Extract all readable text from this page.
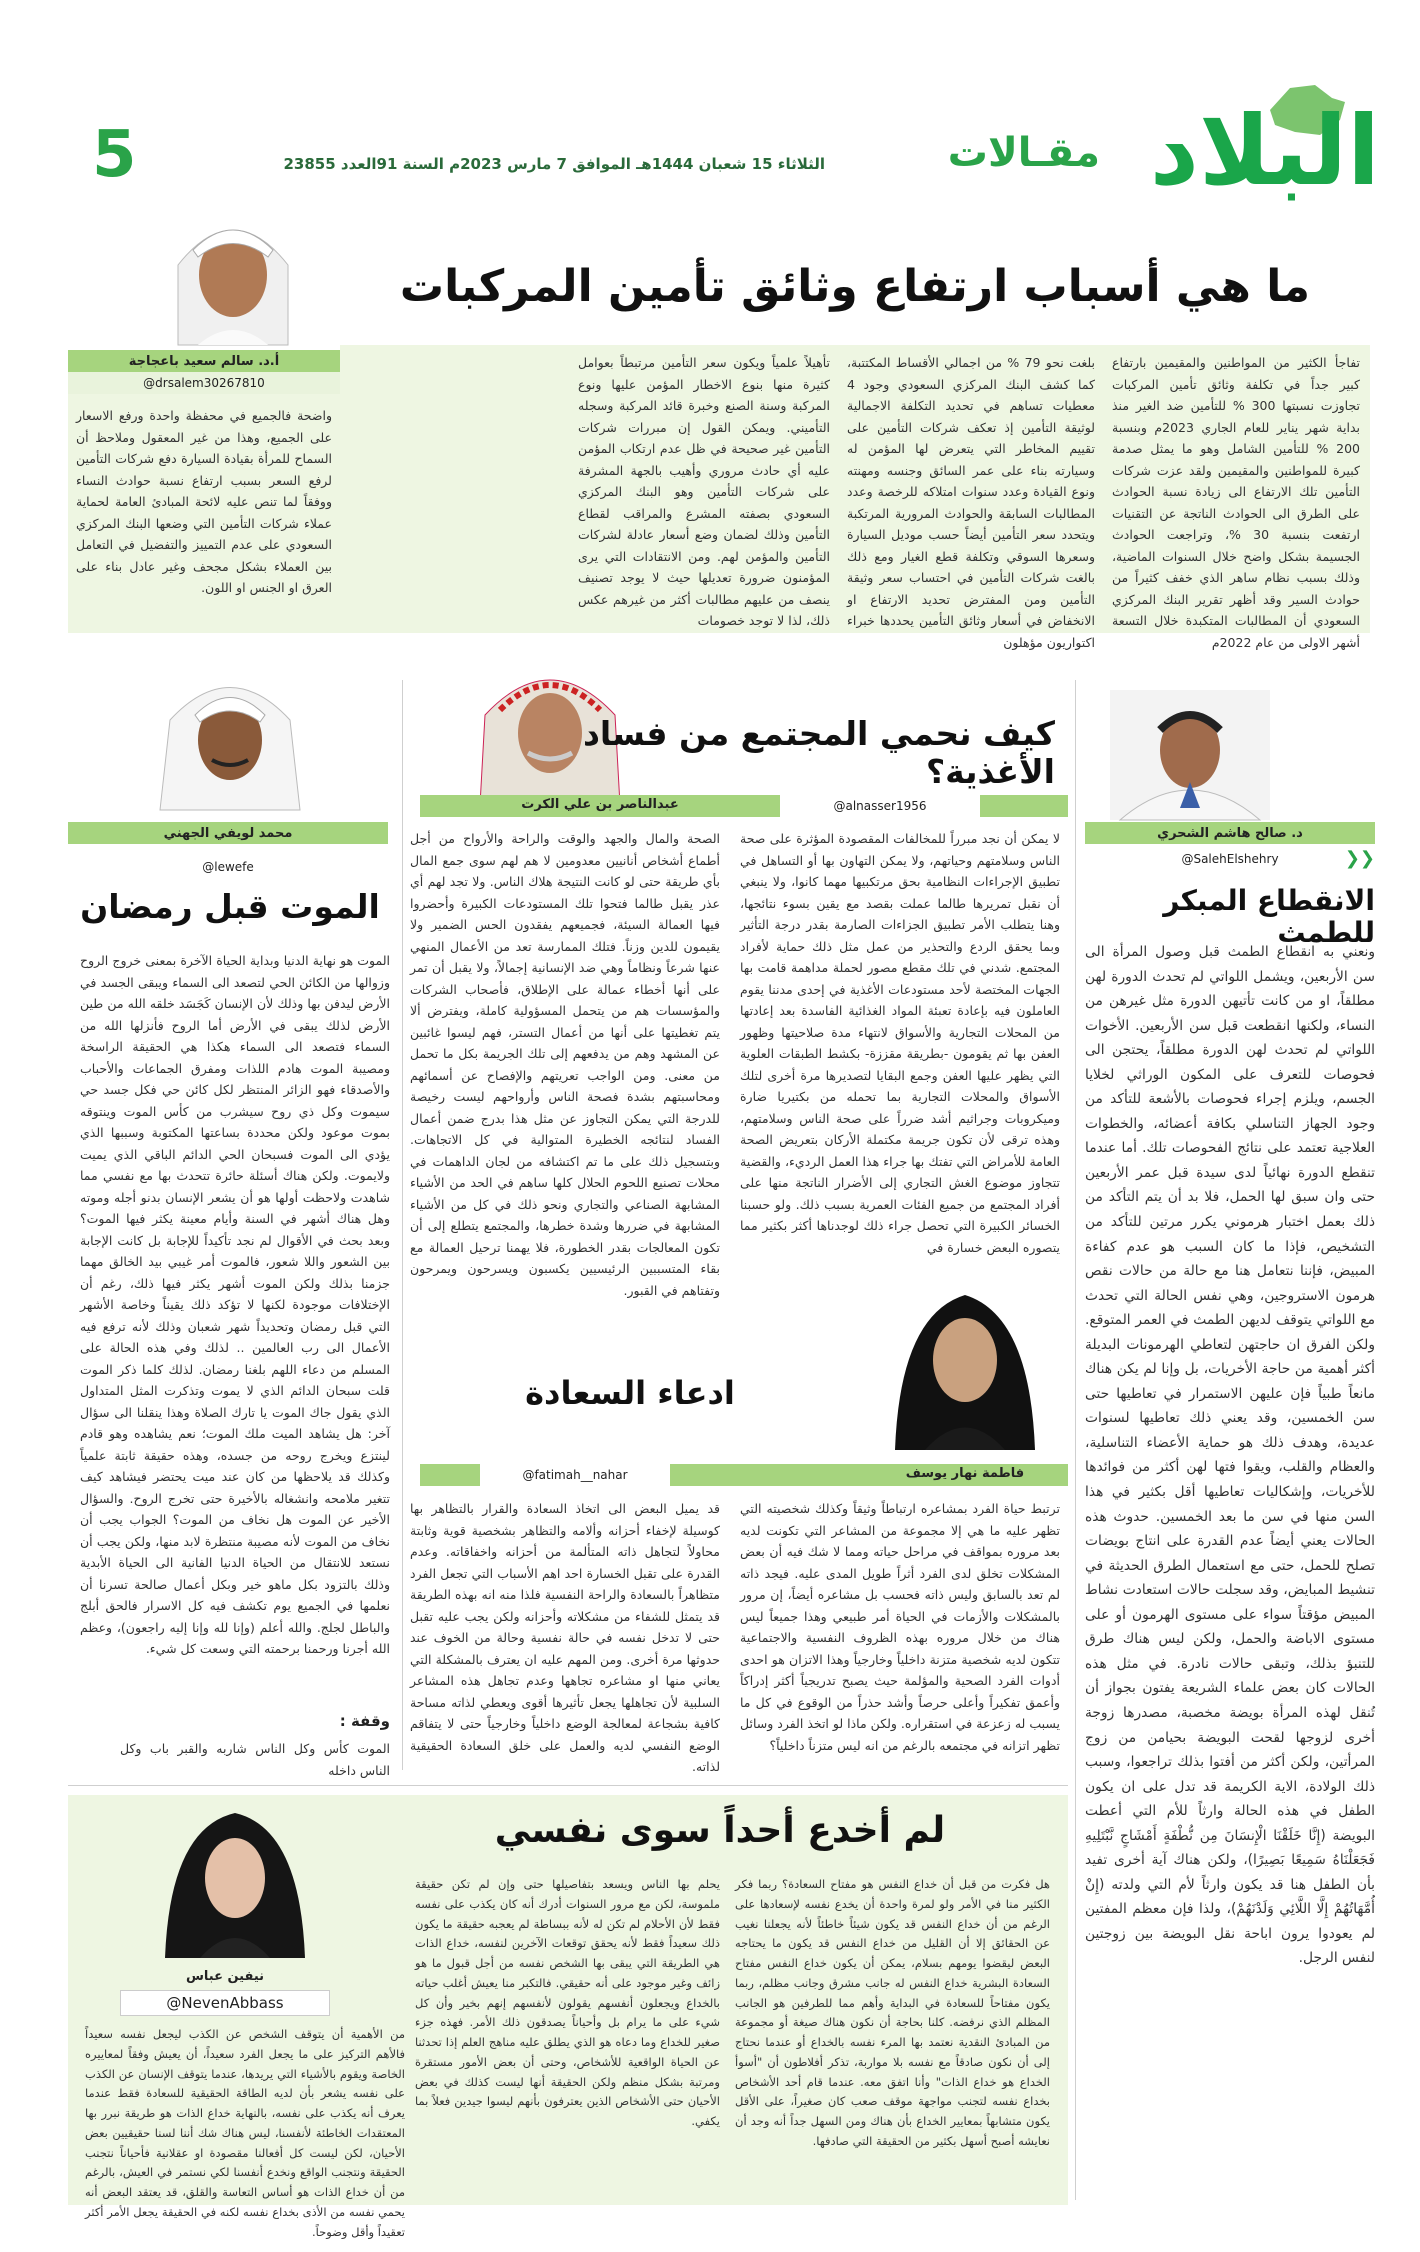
البلاد
مقـالات
الثلاثاء 15 شعبان 1444هـ الموافق 7 مارس 2023م السنة 91العدد 23855
5
ما هي أسباب ارتفاع وثائق تأمين المركبات
أ.د. سالم سعيد باعجاجة
@drsalem30267810
تفاجأ الكثير من المواطنين والمقيمين بارتفاع كبير جداً في تكلفة وثائق تأمين المركبات تجاوزت نسبتها 300 % للتأمين ضد الغير منذ بداية شهر يناير للعام الجاري 2023م وبنسبة 200 % للتأمين الشامل وهو ما يمثل صدمة كبيرة للمواطنين والمقيمين ولقد عزت شركات التأمين تلك الارتفاع الى زيادة نسبة الحوادث على الطرق الى الحوادث الناتجة عن التقنيات ارتفعت بنسبة 30 %، وتراجعت الحوادث الجسيمة بشكل واضح خلال السنوات الماضية، وذلك بسبب نظام ساهر الذي خفف كثيراً من حوادث السير وقد أظهر تقرير البنك المركزي السعودي أن المطالبات المتكبدة خلال التسعة أشهر الاولى من عام 2022م
بلغت نحو 79 % من اجمالي الأقساط المكتتبة، كما كشف البنك المركزي السعودي وجود 4 معطيات تساهم في تحديد التكلفة الاجمالية لوثيقة التأمين إذ تعكف شركات التأمين على تقييم المخاطر التي يتعرض لها المؤمن له وسيارته بناء على عمر السائق وجنسه ومهنته ونوع القيادة وعدد سنوات امتلاكه للرخصة وعدد المطالبات السابقة والحوادث المرورية المرتكبة ويتحدد سعر التأمين أيضاً حسب موديل السيارة وسعرها السوقي وتكلفة قطع الغيار ومع ذلك بالغت شركات التأمين في احتساب سعر وثيقة التأمين ومن المفترض تحديد الارتفاع او الانخفاض في أسعار وثائق التأمين يحددها خبراء اكتواريون مؤهلون
تأهيلاً علمياً ويكون سعر التأمين مرتبطاً بعوامل كثيرة منها بنوع الاخطار المؤمن عليها ونوع المركبة وسنة الصنع وخبرة قائد المركبة وسجله التأميني. ويمكن القول إن مبررات شركات التأمين غير صحيحة في ظل عدم ارتكاب المؤمن عليه أي حادث مروري وأهيب بالجهة المشرفة على شركات التأمين وهو البنك المركزي السعودي بصفته المشرع والمراقب لقطاع التأمين وذلك لضمان وضع أسعار عادلة لشركات التأمين والمؤمن لهم. ومن الانتقادات التي يرى المؤمنون ضرورة تعديلها حيث لا يوجد تصنيف ينصف من عليهم مطالبات أكثر من غيرهم عكس ذلك، لذا لا توجد خصومات
واضحة فالجميع في محفظة واحدة ورفع الاسعار على الجميع، وهذا من غير المعقول وملاحظ أن السماح للمرأة بقيادة السيارة دفع شركات التأمين لرفع السعر بسبب ارتفاع نسبة حوادث النساء ووفقاً لما تنص عليه لائحة المبادئ العامة لحماية عملاء شركات التأمين التي وضعها البنك المركزي السعودي على عدم التمييز والتفضيل في التعامل بين العملاء بشكل مجحف وغير عادل بناء على العرق او الجنس او اللون.
د. صالح هاشم الشحري
@SalehElshehry	❮❮
الانقطاع المبكر للطمث
ونعني به انقطاع الطمث قبل وصول المرأة الى سن الأربعين، ويشمل اللواتي لم تحدث الدورة لهن مطلقاً، او من كانت تأتيهن الدورة مثل غيرهن من النساء، ولكنها انقطعت قبل سن الأربعين. الأخوات اللواتي لم تحدث لهن الدورة مطلقاً، يحتجن الى فحوصات للتعرف على المكون الوراثي لخلايا الجسم، ويلزم إجراء فحوصات بالأشعة للتأكد من وجود الجهاز التناسلي بكافة أعضائه، والخطوات العلاجية تعتمد على نتائج الفحوصات تلك. أما عندما تنقطع الدورة نهائياً لدى سيدة قبل عمر الأربعين حتى وان سبق لها الحمل، فلا بد أن يتم التأكد من ذلك بعمل اختبار هرموني يكرر مرتين للتأكد من التشخيص، فإذا ما كان السبب هو عدم كفاءة المبيض، فإننا نتعامل هنا مع حالة من حالات نقص هرمون الاستروجين، وهي نفس الحالة التي تحدث مع اللواتي يتوقف لديهن الطمث في العمر المتوقع. ولكن الفرق ان حاجتهن لتعاطي الهرمونات البديلة أكثر أهمية من حاجة الأخريات، بل وإنا لم يكن هناك مانعاً طبياً فإن عليهن الاستمرار في تعاطيها حتى سن الخمسين، وقد يعني ذلك تعاطيها لسنوات عديدة، وهدف ذلك هو حماية الأعضاء التناسلية، والعظام والقلب، ويقوا فتها لهن أكثر من فوائدها للأخريات، وإشكاليات تعاطيها أقل بكثير في هذا السن منها في سن ما بعد الخمسين. حدوث هذه الحالات يعني أيضاً عدم القدرة على انتاج بويضات تصلح للحمل، حتى مع استعمال الطرق الحديثة في تنشيط المبايض، وقد سجلت حالات استعادت نشاط المبيض مؤقتاً سواء على مستوى الهرمون أو على مستوى الاباضة والحمل، ولكن ليس هناك طرق للتنبؤ بذلك، وتبقى حالات نادرة. في مثل هذه الحالات كان بعض علماء الشريعة يفتون بجواز أن تُنقل لهذه المرأة بويضة مخصبة، مصدرها زوجة أخرى لزوجها لقحت البويضة بحيامن من زوج المرأتين، ولكن أكثر من أفتوا بذلك تراجعوا، وسبب ذلك الولادة، الاية الكريمة قد تدل على ان يكون الطفل في هذه الحالة وارثاً للأم التي أعطت البويضة (إِنَّا خَلَقْنَا الْإِنسَانَ مِن نُّطْفَةٍ أَمْشَاجٍ نَّبْتَلِيهِ فَجَعَلْنَاهُ سَمِيعًا بَصِيرًا)، ولكن هناك آية أخرى تفيد بأن الطفل هنا قد يكون وارثاً لأم التي ولدته (إِنْ أُمَّهَاتُهُمْ إِلَّا اللَّائِي وَلَدْنَهُمْ)، ولذا فإن معظم المفتين لم يعودوا يرون اباحة نقل البويضة بين زوجتين لنفس الرجل.
كيف نحمي المجتمع من فساد الأغذية؟
@alnasser1956
عبدالناصر بن علي الكرت
لا يمكن أن نجد مبرراً للمخالفات المقصودة المؤثرة على صحة الناس وسلامتهم وحياتهم، ولا يمكن التهاون بها أو التساهل في تطبيق الإجراءات النظامية بحق مرتكبيها مهما كانوا، ولا ينبغي أن نقبل تمريرها طالما عملت بقصد مع يقين بسوء نتائجها، وهنا يتطلب الأمر تطبيق الجزاءات الصارمة بقدر درجة التأثير وبما يحقق الردع والتحذير من عمل مثل ذلك حماية لأفراد المجتمع. شدني في تلك مقطع مصور لحملة مداهمة قامت بها الجهات المختصة لأحد مستودعات الأغذية في إحدى مدننا يقوم العاملون فيه بإعادة تعبئة المواد الغذائية الفاسدة بعد إعادتها من المحلات التجارية والأسواق لانتهاء مدة صلاحيتها وظهور العفن بها ثم يقومون -بطريقة مقززة- بكشط الطبقات العلوية التي يظهر عليها العفن وجمع البقايا لتصديرها مرة أخرى لتلك الأسواق والمحلات التجارية بما تحمله من بكتيريا ضارة وميكروبات وجراثيم أشد ضرراً على صحة الناس وسلامتهم، وهذه ترقى لأن تكون جريمة مكتملة الأركان بتعريض الصحة العامة للأمراض التي تفتك بها جراء هذا العمل الرديء، والقضية تتجاوز موضوع الغش التجاري إلى الأضرار الناتجة منها على أفراد المجتمع من جميع الفئات العمرية بسبب ذلك. ولو حسبنا الخسائر الكبيرة التي تحصل جراء ذلك لوجدناها أكثر بكثير مما يتصوره البعض خسارة في
الصحة والمال والجهد والوقت والراحة والأرواح من أجل أطماع أشخاص أنانيين معدومين لا هم لهم سوى جمع المال بأي طريقة حتى لو كانت النتيجة هلاك الناس. ولا تجد لهم أي عذر يقبل طالما فتحوا تلك المستودعات الكبيرة وأحضروا فيها العمالة السيئة، فجميعهم يفقدون الحس الضمير ولا يقيمون للدين وزناً. فتلك الممارسة تعد من الأعمال المنهي عنها شرعاً ونظاماً وهي ضد الإنسانية إجمالاً، ولا يقبل أن تمر على أنها أخطاء عمالة على الإطلاق، فأصحاب الشركات والمؤسسات هم من يتحمل المسؤولية كاملة، ويفترض ألا يتم تغطيتها على أنها من أعمال التستر، فهم ليسوا غائبين عن المشهد وهم من يدفعهم إلى تلك الجريمة بكل ما تحمل من معنى. ومن الواجب تعريتهم والإفصاح عن أسمائهم ومحاسبتهم بشدة فصحة الناس وأرواحهم ليست رخيصة للدرجة التي يمكن التجاوز عن مثل هذا بدرج ضمن أعمال الفساد لنتائجه الخطيرة المتوالية في كل الاتجاهات. وبتسجيل ذلك على ما تم اكتشافه من لجان الداهمات في محلات تصنيع اللحوم الحلال كلها ساهم في الحد من الأشياء المشابهة الصناعي والتجاري ونحو ذلك في كل من الأشياء المشابهة في ضررها وشدة خطرها، والمجتمع يتطلع إلى أن تكون المعالجات بقدر الخطورة، فلا يهمنا ترحيل العمالة مع بقاء المتسببين الرئيسيين يكسبون ويسرحون ويمرحون وتفتاهم في القبور.
محمد لويفي الجهني
@lewefe
الموت قبل رمضان
الموت هو نهاية الدنيا وبداية الحياة الآخرة بمعنى خروج الروح وزوالها من الكائن الحي لتصعد الى السماء ويبقى الجسد في الأرض ليدفن بها وذلك لأن الإنسان كَجَسَد خلقه الله من طين الأرض لذلك يبقى في الأرض أما الروح فأنزلها الله من السماء فتصعد الى السماء هكذا هي الحقيقة الراسخة ومصيبة الموت هادم اللذات ومفرق الجماعات والأحباب والأصدقاء فهو الزائر المنتظر لكل كائن حي فكل جسد حي سيموت وكل ذي روح سيشرب من كأس الموت وينتوقه بموت موعود ولكن محددة بساعتها المكتوبة وسببها الذي يؤدي الى الموت فسبحان الحي الدائم الباقي الذي يميت ولايموت. ولكن هناك أسئلة حائرة تتحدث بها مع نفسي مما شاهدت ولاحظت أولها هو أن يشعر الإنسان بدنو أجله وموته وهل هناك أشهر في السنة وأيام معينة يكثر فيها الموت؟ وبعد بحث في الأقوال لم نجد تأكيداً للإجابة بل كانت الإجابة بين الشعور واللا شعور، فالموت أمر غيبي بيد الخالق مهما جزمنا بذلك ولكن الموت أشهر يكثر فيها ذلك، رغم أن الإختلافات موجودة لكنها لا تؤكد ذلك يقيناً وخاصة الأشهر التي قبل رمضان وتحديداً شهر شعبان وذلك لأنه ترفع فيه الأعمال الى رب العالمين .. لذلك وفي هذه الحالة على المسلم من دعاء اللهم بلغنا رمضان. لذلك كلما ذكر الموت قلت سبحان الدائم الذي لا يموت وتذكرت المثل المتداول الذي يقول جاك الموت يا تارك الصلاة وهذا ينقلنا الى سؤال آخر: هل يشاهد الميت ملك الموت؛ نعم يشاهده وهو قادم لينتزع ويخرج روحه من جسده، وهذه حقيقة ثابتة علمياً وكذلك قد يلاحظها من كان عند ميت يحتضر فيشاهد كيف تتغير ملامحه وانشغاله بالأخيرة حتى تخرج الروح. والسؤال الأخير عن الموت هل نخاف من الموت؟ الجواب يجب أن نخاف من الموت لأنه مصيبة منتظرة لابد منها، ولكن يجب أن نستعد للانتقال من الحياة الدنيا الفانية الى الحياة الأبدية وذلك بالتزود بكل ماهو خير وبكل أعمال صالحة تسرنا أن نعلمها في الجميع يوم تكشف فيه كل الاسرار فالحق أبلج والباطل لجلج. والله أعلم (وإنا لله وإنا إليه راجعون)، وعظم الله أجرنا ورحمنا برحمته التي وسعت كل شيء.
وقفة :
الموت كأس وكل الناس شاربه والقبر باب وكل الناس داخله
ادعاء السعادة
@fatimah__nahar	فاطمة نهار يوسف
ترتبط حياة الفرد بمشاعره ارتباطاً وثيقاً وكذلك شخصيته التي تظهر عليه ما هي إلا مجموعة من المشاعر التي تكونت لديه بعد مروره بمواقف في مراحل حياته ومما لا شك فيه أن بعض المشكلات تخلق لدى الفرد أثراً طويل المدى عليه. فيجد ذاته لم تعد بالسابق وليس ذاته فحسب بل مشاعره أيضاً، إن مرور بالمشكلات والأزمات في الحياة أمر طبيعي وهذا جميعاً ليس هناك من خلال مروره بهذه الظروف النفسية والاجتماعية تتكون لديه شخصية متزنة داخلياً وخارجياً وهذا الاتزان هو احدى أدوات الفرد الصحية والمؤلمة حيث يصبح تدريجياً أكثر إدراكاً وأعمق تفكيراً وأعلى حرصاً وأشد حذراً من الوقوع في كل ما يسبب له زعزعة في استقراره. ولكن ماذا لو اتخذ الفرد وسائل تظهر اتزانه في مجتمعه بالرغم من انه ليس متزناً داخلياً؟
قد يميل البعض الى اتخاذ السعادة والقرار بالتظاهر بها كوسيلة لإخفاء أحزانه وألامه والتظاهر بشخصية قوية وثابتة محاولاً لتجاهل ذاته المتألمة من أحزانه واخفاقاته. وعدم القدرة على تقبل الخسارة احد اهم الأسباب التي تجعل الفرد متظاهراً بالسعادة والراحة النفسية فلذا منه انه بهذه الطريقة قد يتمثل للشفاء من مشكلاته وأحزانه ولكن يجب عليه تقبل حتى لا تدخل نفسه في حالة نفسية وحالة من الخوف عند حدوثها مرة أخرى. ومن المهم عليه ان يعترف بالمشكلة التي يعاني منها او مشاعره تجاهها وعدم تجاهل هذه المشاعر السلبية لأن تجاهلها يجعل تأثيرها أقوى ويعطي لذاته مساحة كافية بشجاعة لمعالجة الوضع داخلياً وخارجياً حتى لا يتفاقم الوضع النفسي لديه والعمل على خلق السعادة الحقيقية لذاته.
لم أخدع أحداً سوى نفسي
نيفين عباس
@NevenAbbass
هل فكرت من قبل أن خداع النفس هو مفتاح السعادة؟ ربما فكر الكثير منا في الأمر ولو لمرة واحدة أن يخدع نفسه لإسعادها على الرغم من أن خداع النفس قد يكون شيئاً خاطئاً لأنه يجعلنا نغيب عن الحقائق إلا أن القليل من خداع النفس قد يكون ما يحتاجه البعض ليقضوا يومهم بسلام، يمكن أن يكون خداع النفس مفتاح السعادة البشرية خداع النفس له جانب مشرق وجانب مظلم، ربما يكون مفتاحاً للسعادة في البداية وأهم مما للطرفين هو الجانب المظلم الذي نرفضه. كلنا بحاجة أن نكون هناك صيغة أو مجموعة من المبادئ النقدية نعتمد بها المرء نفسه بالخداع أو عندما نحتاج إلى أن نكون صادقاً مع نفسه بلا مواربة، تذكر أفلاطون أن "أسوأ الخداع هو خداع الذات" وأنا اتفق معه. عندما قام أحد الأشخاص بخداع نفسه لتجنب مواجهة موقف صعب كان صغيراً، على الأقل يكون متشابهاً بمعايير الخداع بأن هناك ومن السهل جداً أنه وجد أن نعايشه أصبح أسهل بكثير من الحقيقة التي صادفها.
يحلم بها الناس ويسعد بتفاصيلها حتى وإن لم تكن حقيقة ملموسة، لكن مع مرور السنوات أدرك أنه كان يكذب على نفسه فقط لأن الأحلام لم تكن له لأنه ببساطة لم يعجبه حقيقة ما يكون ذلك سعيداً فقط لأنه يحقق توقعات الآخرين لنفسه، خداع الذات هي الطريقة التي يبقى بها الشخص نفسه من أجل قبول ما هو زائف وغير موجود على أنه حقيقي. فالتكبر منا يعيش أغلب حياته بالخداع ويجعلون أنفسهم يقولون لأنفسهم إنهم بخير وأن كل شيء على ما يرام بل وأحياناً يصدقون ذلك الأمر. فهذه جزء صغير للخداع وما دعاه هو الذي يطلق عليه مناهج العلم إذا تحدثنا عن الحياة الواقعية للأشخاص، وحتى أن بعض الأمور مستقرة ومرتبة بشكل منظم ولكن الحقيقة أنها ليست كذلك في بعض الأحيان حتى الأشخاص الذين يعترفون بأنهم ليسوا جيدين فعلاً بما يكفي.
من الأهمية أن يتوقف الشخص عن الكذب ليجعل نفسه سعيداً فالأهم التركيز على ما يجعل الفرد سعيداً، أن يعيش وفقاً لمعاييره الخاصة ويقوم بالأشياء التي يريدها، عندما يتوقف الإنسان عن الكذب على نفسه يشعر بأن لديه الطاقة الحقيقية للسعادة فقط عندما يعرف أنه يكذب على نفسه، بالنهاية خداع الذات هو طريقة نبرر بها المعتقدات الخاطئة لأنفسنا، ليس هناك شك أننا لسنا حقيقيين بعض الأحيان، لكن ليست كل أفعالنا مقصودة او عقلانية فأحياناً نتجنب الحقيقة ونتجنب الواقع ونخدع أنفسنا لكي نستمر في العيش، بالرغم من أن خداع الذات هو أساس التعاسة والقلق، قد يعتقد البعض أنه يحمي نفسه من الأذى بخداع نفسه لكنه في الحقيقة يجعل الأمر أكثر تعقيداً وأقل وضوحاً.
